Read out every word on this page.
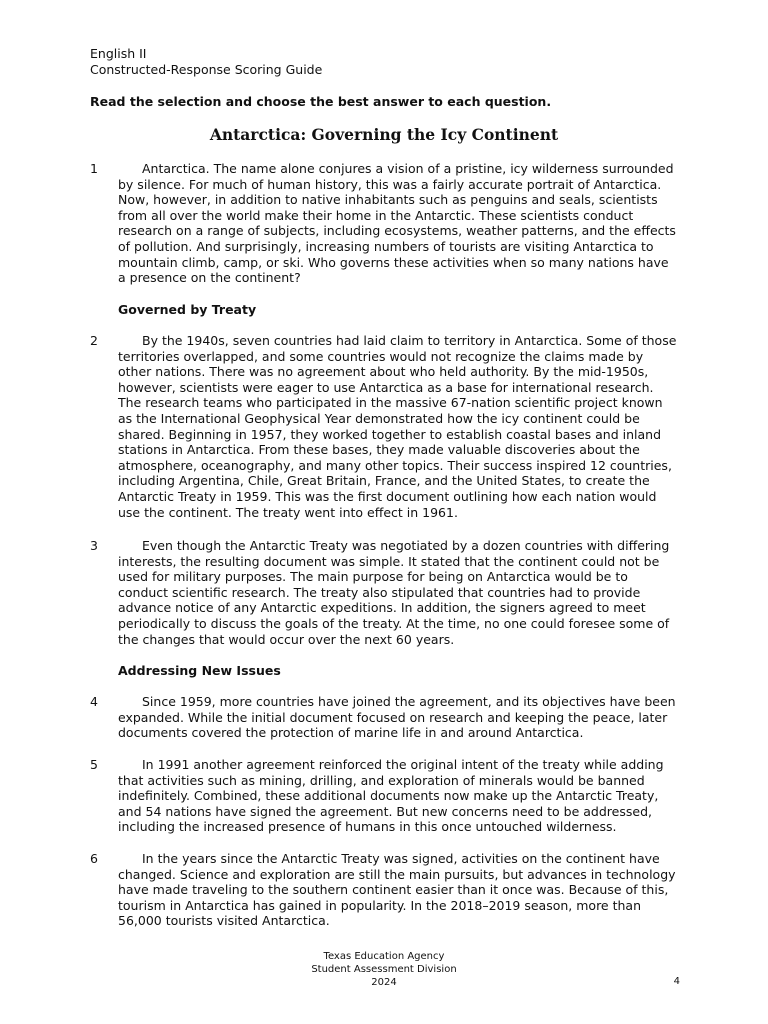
English II
Constructed-Response Scoring Guide
Read the selection and choose the best answer to each question.
Antarctica: Governing the Icy Continent
1	Antarctica. The name alone conjures a vision of a pristine, icy wilderness surrounded by silence. For much of human history, this was a fairly accurate portrait of Antarctica. Now, however, in addition to native inhabitants such as penguins and seals, scientists from all over the world make their home in the Antarctic. These scientists conduct research on a range of subjects, including ecosystems, weather patterns, and the effects of pollution. And surprisingly, increasing numbers of tourists are visiting Antarctica to mountain climb, camp, or ski. Who governs these activities when so many nations have a presence on the continent?
Governed by Treaty
2	By the 1940s, seven countries had laid claim to territory in Antarctica. Some of those territories overlapped, and some countries would not recognize the claims made by other nations. There was no agreement about who held authority. By the mid-1950s, however, scientists were eager to use Antarctica as a base for international research. The research teams who participated in the massive 67-nation scientific project known as the International Geophysical Year demonstrated how the icy continent could be shared. Beginning in 1957, they worked together to establish coastal bases and inland stations in Antarctica. From these bases, they made valuable discoveries about the atmosphere, oceanography, and many other topics. Their success inspired 12 countries, including Argentina, Chile, Great Britain, France, and the United States, to create the Antarctic Treaty in 1959. This was the first document outlining how each nation would use the continent. The treaty went into effect in 1961.
3	Even though the Antarctic Treaty was negotiated by a dozen countries with differing interests, the resulting document was simple. It stated that the continent could not be used for military purposes. The main purpose for being on Antarctica would be to conduct scientific research. The treaty also stipulated that countries had to provide advance notice of any Antarctic expeditions. In addition, the signers agreed to meet periodically to discuss the goals of the treaty. At the time, no one could foresee some of the changes that would occur over the next 60 years.
Addressing New Issues
4	Since 1959, more countries have joined the agreement, and its objectives have been expanded. While the initial document focused on research and keeping the peace, later documents covered the protection of marine life in and around Antarctica.
5	In 1991 another agreement reinforced the original intent of the treaty while adding that activities such as mining, drilling, and exploration of minerals would be banned indefinitely. Combined, these additional documents now make up the Antarctic Treaty, and 54 nations have signed the agreement. But new concerns need to be addressed, including the increased presence of humans in this once untouched wilderness.
6	In the years since the Antarctic Treaty was signed, activities on the continent have changed. Science and exploration are still the main pursuits, but advances in technology have made traveling to the southern continent easier than it once was. Because of this, tourism in Antarctica has gained in popularity. In the 2018–2019 season, more than 56,000 tourists visited Antarctica.
Texas Education Agency
Student Assessment Division
2024	4
